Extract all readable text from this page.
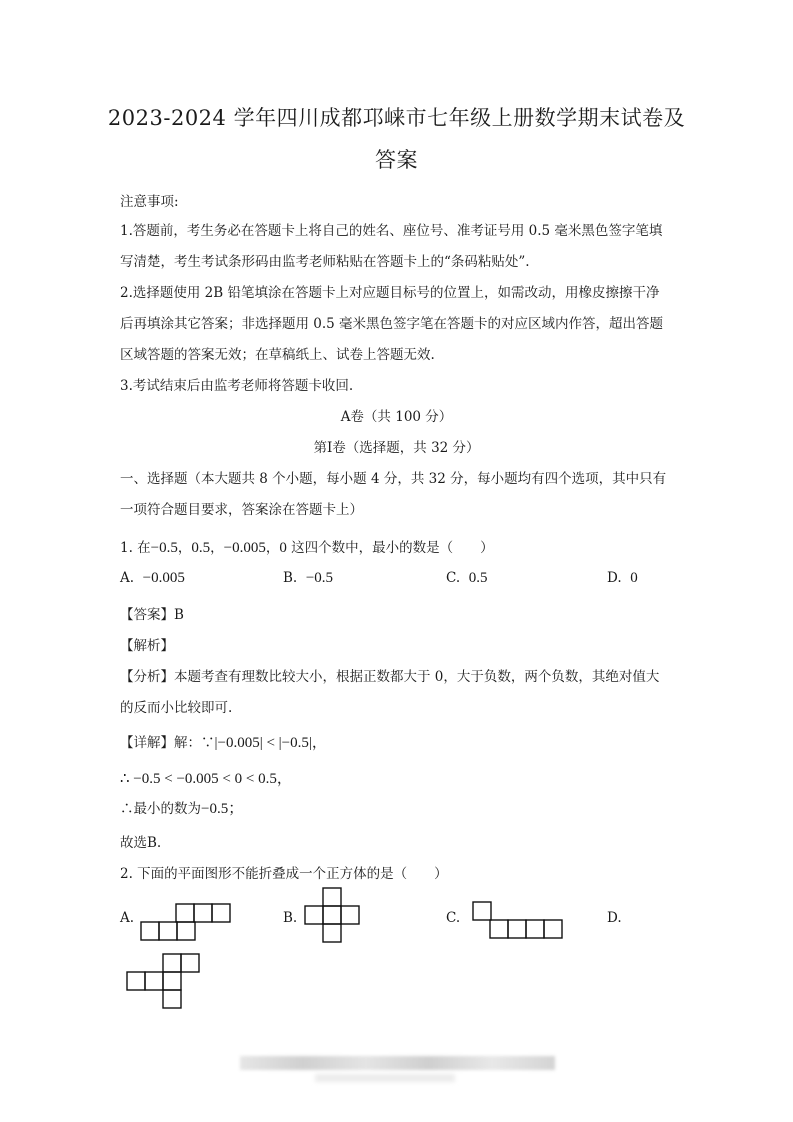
2023-2024 学年四川成都邛崃市七年级上册数学期末试卷及
答案
注意事项:
1.答题前，考生务必在答题卡上将自己的姓名、座位号、准考证号用 0.5 毫米黑色签字笔填
写清楚，考生考试条形码由监考老师粘贴在答题卡上的“条码粘贴处”.
2.选择题使用 2B 铅笔填涂在答题卡上对应题目标号的位置上，如需改动，用橡皮擦擦干净
后再填涂其它答案；非选择题用 0.5 毫米黑色签字笔在答题卡的对应区域内作答，超出答题
区域答题的答案无效；在草稿纸上、试卷上答题无效.
3.考试结束后由监考老师将答题卡收回.
A卷（共 100 分）
第Ⅰ卷（选择题，共 32 分）
一、选择题（本大题共 8 个小题，每小题 4 分，共 32 分，每小题均有四个选项，其中只有
一项符合题目要求，答案涂在答题卡上）
1. 在−0.5，0.5，−0.005，0 这四个数中，最小的数是（　　）
A. −0.005	B. −0.5	C. 0.5	D. 0
【答案】B
【解析】
【分析】本题考查有理数比较大小，根据正数都大于 0，大于负数，两个负数，其绝对值大
的反而小比较即可.
【详解】解：∵|−0.005| < |−0.5|，
∴ −0.5 < −0.005 < 0 < 0.5，
∴最小的数为−0.5；
故选B.
2. 下面的平面图形不能折叠成一个正方体的是（　　）
A.	B.	C.	D.
